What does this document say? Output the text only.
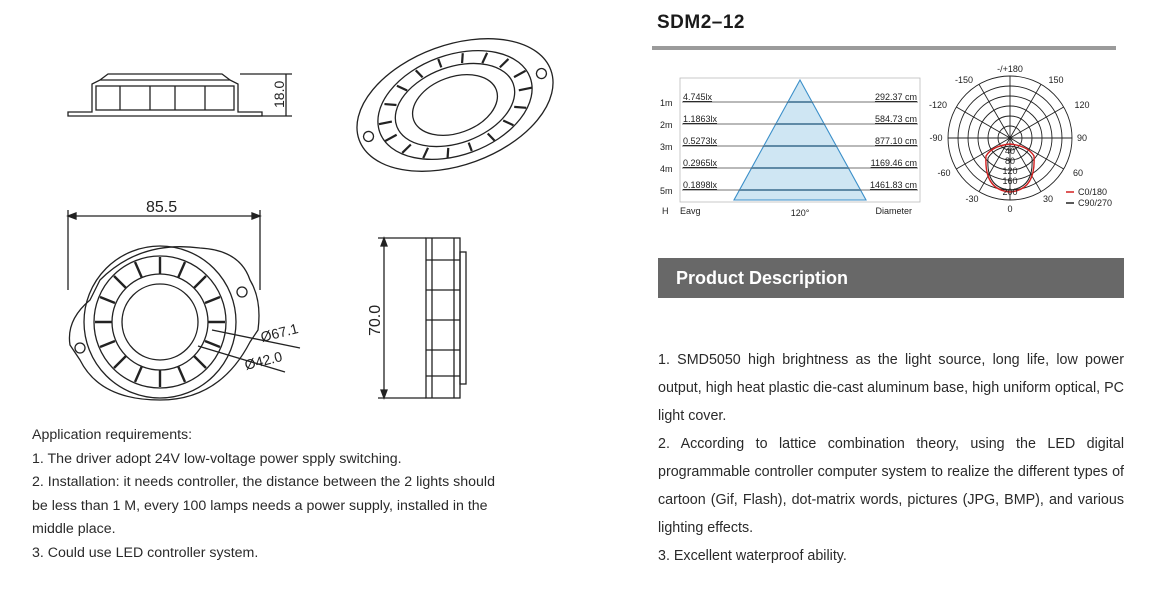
18.0
85.5
Ø67.1
Ø42.0
70.0
Application requirements:
1. The driver adopt 24V low-voltage power spply switching.
2. Installation: it needs controller, the distance between the 2 lights should be less than 1 M, every 100 lamps needs a power supply, installed in the middle place.
3. Could use LED controller system.
SDM2–12
1m
4.745lx	292.37 cm
2m
1.1863lx	584.73 cm
3m
0.5273lx	877.10 cm
4m
0.2965lx	1169.46 cm
5m
0.1898lx	1461.83 cm
H Eavg	120°	Diameter
-/+180
-150	150
-120	120
-90	90
-60	60
-30	30
0
40
80
120
160
200	C0/180
C90/270
Product Description

1. SMD5050 high brightness as the light source, long life, low power output, high heat plastic die-cast aluminum base, high uniform optical, PC light cover.

2. According to lattice combination theory, using the LED digital programmable controller computer system to realize the different types of cartoon (Gif, Flash), dot-matrix words, pictures (JPG, BMP), and various lighting effects.

3. Excellent waterproof ability.
